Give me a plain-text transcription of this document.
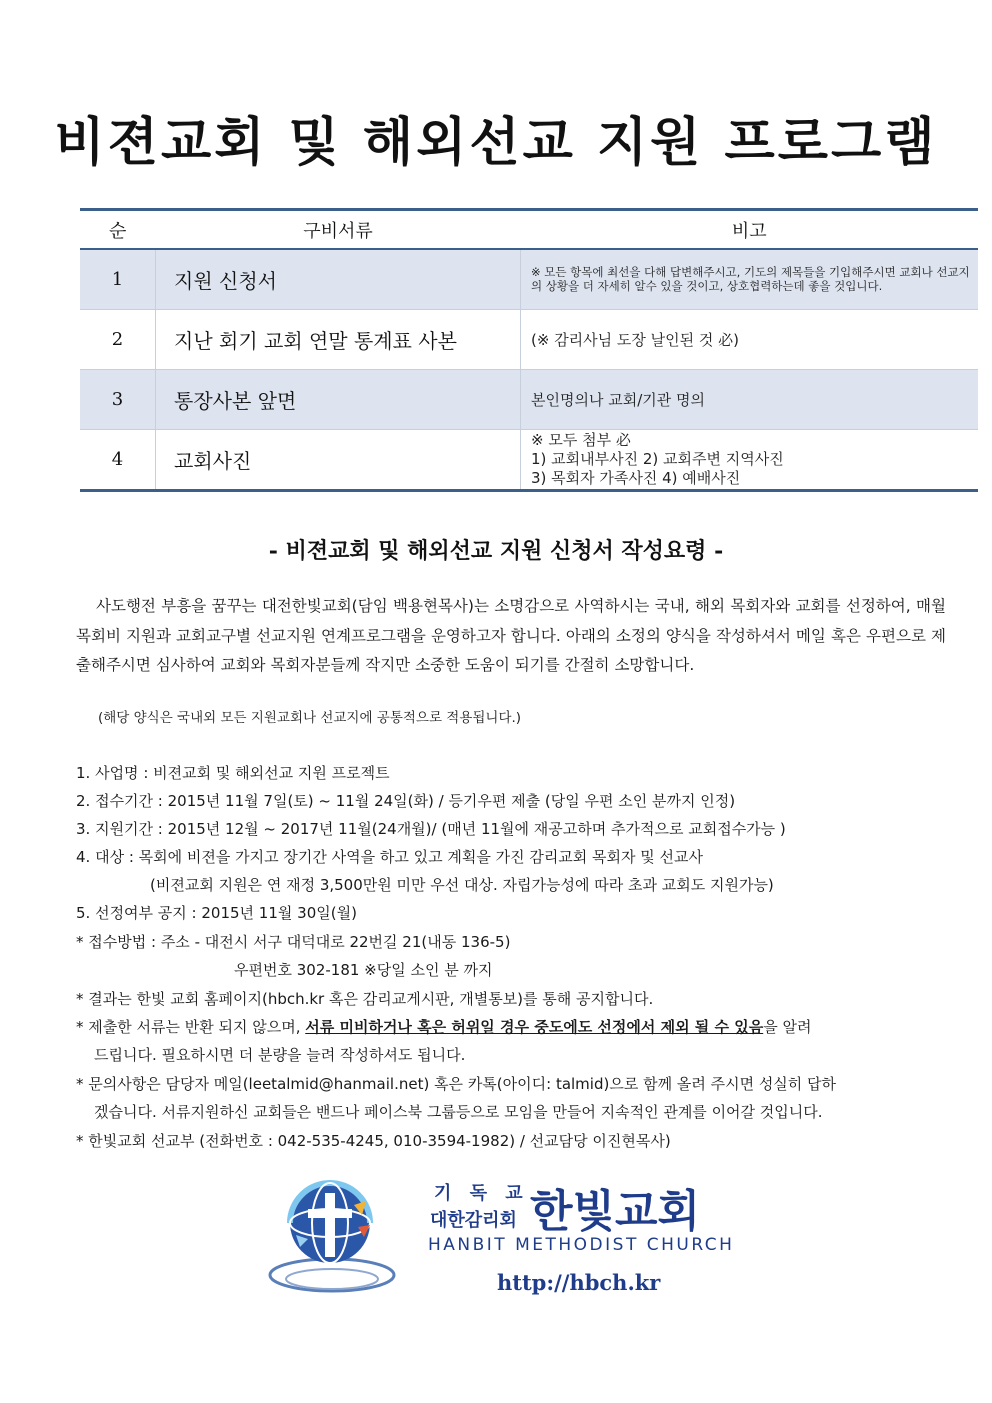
비젼교회 및 해외선교 지원 프로그램
순	구비서류	비고
1	지원 신청서	※ 모든 항목에 최선을 다해 답변해주시고, 기도의 제목들을 기입해주시면 교회나 선교지의 상황을 더 자세히 알수 있을 것이고, 상호협력하는데 좋을 것입니다.
2	지난 회기 교회 연말 통계표 사본	(※ 감리사님 도장 날인된 것 必)
3	통장사본 앞면	본인명의나 교회/기관 명의
4	교회사진	※ 모두 첨부 必
1) 교회내부사진 2) 교회주변 지역사진
3) 목회자 가족사진 4) 예배사진
- 비젼교회 및 해외선교 지원 신청서 작성요령 -

사도행전 부흥을 꿈꾸는 대전한빛교회(담임 백용현목사)는 소명감으로 사역하시는 국내, 해외 목회자와 교회를 선정하여, 매월 목회비 지원과 교회교구별 선교지원 연계프로그램을 운영하고자 합니다. 아래의 소정의 양식을 작성하셔서 메일 혹은 우편으로 제출해주시면 심사하여 교회와 목회자분들께 작지만 소중한 도움이 되기를 간절히 소망합니다.

(해당 양식은 국내외 모든 지원교회나 선교지에 공통적으로 적용됩니다.)

1. 사업명 : 비젼교회 및 해외선교 지원 프로젝트
2. 접수기간 : 2015년 11월 7일(토) ~ 11월 24일(화) / 등기우편 제출 (당일 우편 소인 분까지 인정)
3. 지원기간 : 2015년 12월 ~ 2017년 11월(24개월)/ (매년 11월에 재공고하며 추가적으로 교회접수가능 )
4. 대상 : 목회에 비젼을 가지고 장기간 사역을 하고 있고 계획을 가진 감리교회 목회자 및 선교사
(비젼교회 지원은 연 재정 3,500만원 미만 우선 대상. 자립가능성에 따라 초과 교회도 지원가능)
5. 선정여부 공지 : 2015년 11월 30일(월)
* 접수방법 : 주소 - 대전시 서구 대덕대로 22번길 21(내동 136-5)
우편번호 302-181 ※당일 소인 분 까지
* 결과는 한빛 교회 홈페이지(hbch.kr 혹은 감리교게시판, 개별통보)를 통해 공지합니다.
* 제출한 서류는 반환 되지 않으며, 서류 미비하거나 혹은 허위일 경우 중도에도 선정에서 제외 될 수 있음을 알려
드립니다. 필요하시면 더 분량을 늘려 작성하셔도 됩니다.
* 문의사항은 담당자 메일(leetalmid@hanmail.net) 혹은 카톡(아이디: talmid)으로 함께 올려 주시면 성실히 답하
겠습니다. 서류지원하신 교회들은 밴드나 페이스북 그룹등으로 모임을 만들어 지속적인 관계를 이어갈 것입니다.
* 한빛교회 선교부 (전화번호 : 042-535-4245, 010-3594-1982) / 선교담당 이진현목사)
기 독 교
대한감리회 한빛교회
HANBIT METHODIST CHURCH
http://hbch.kr
